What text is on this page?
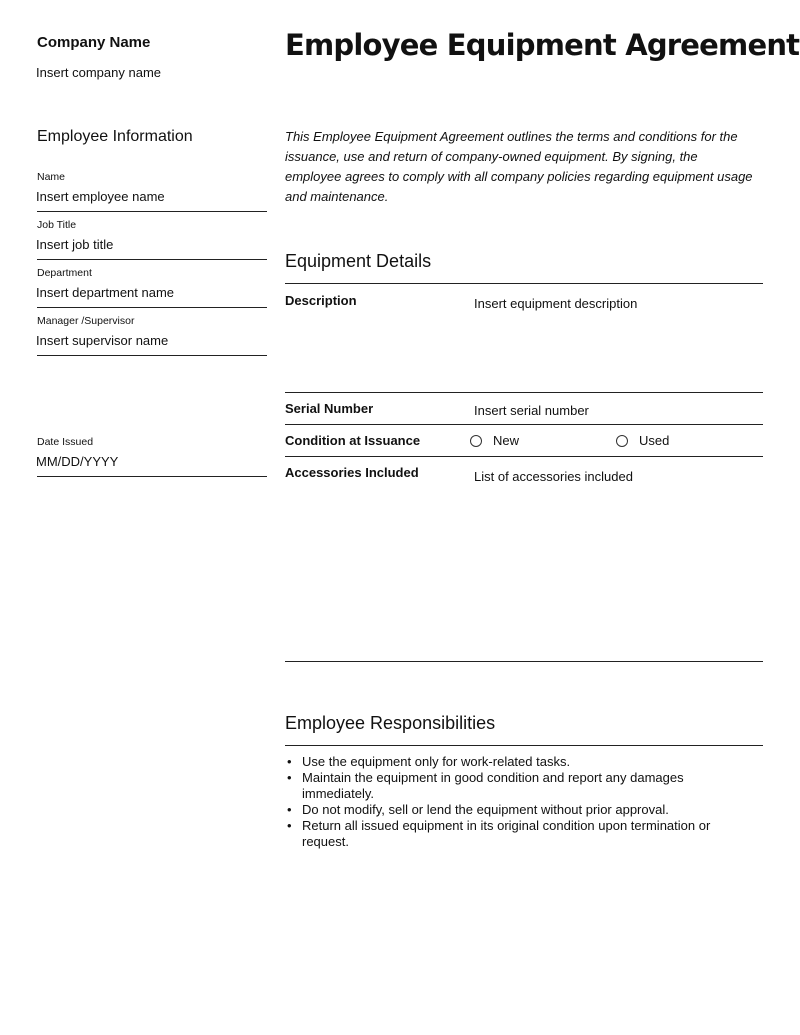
Company Name
Insert company name
Employee Equipment Agreement
Employee Information
Name
Insert employee name
Job Title
Insert job title
Department
Insert department name
Manager /Supervisor
Insert supervisor name
Date Issued
MM/DD/YYYY

This Employee Equipment Agreement outlines the terms and conditions for the issuance, use and return of company-owned equipment. By signing, the employee agrees to comply with all company policies regarding equipment usage and maintenance.

Equipment Details
Description	Insert equipment description
Serial Number	Insert serial number
Condition at Issuance	New	Used
Accessories Included	List of accessories included
Employee Responsibilities
• Use the equipment only for work-related tasks.
• Maintain the equipment in good condition and report any damages immediately.
• Do not modify, sell or lend the equipment without prior approval.
• Return all issued equipment in its original condition upon termination or request.
